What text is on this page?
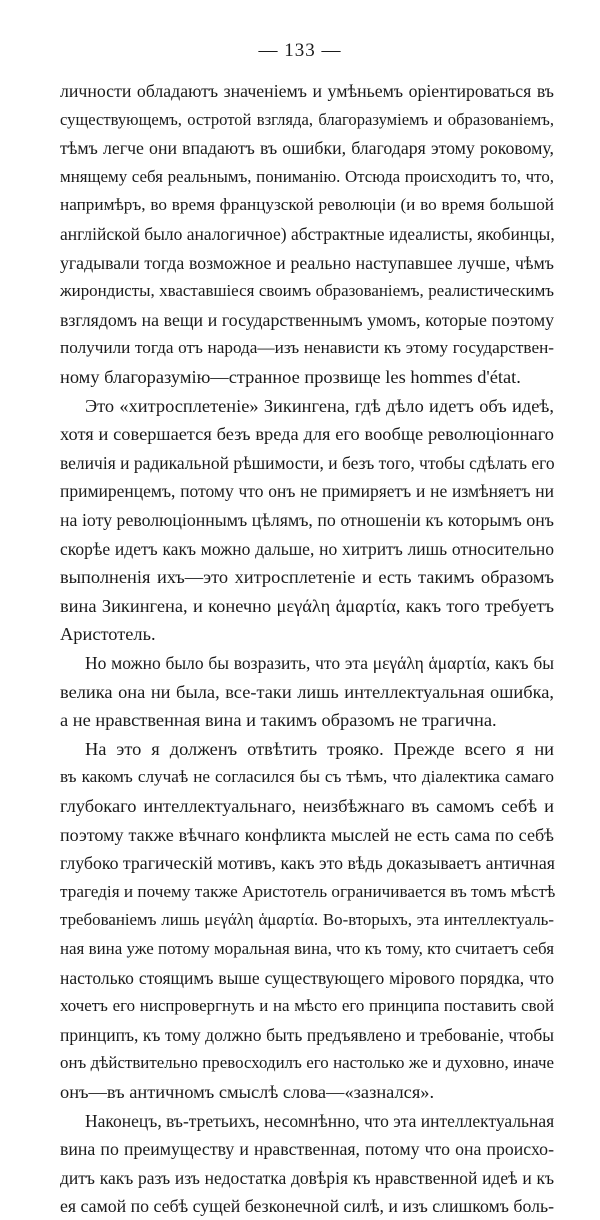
— 133 —
личности обладаютъ значеніемъ и умѣньемъ оріентироваться въ
существующемъ, остротой взгляда, благоразуміемъ и образованіемъ,
тѣмъ легче они впадаютъ въ ошибки, благодаря этому роковому,
мнящему себя реальнымъ, пониманію. Отсюда происходитъ то, что,
напримѣръ, во время французской революціи (и во время большой
англійской было аналогичное) абстрактные идеалисты, якобинцы,
угадывали тогда возможное и реально наступавшее лучше, чѣмъ
жирондисты, хваставшіеся своимъ образованіемъ, реалистическимъ
взглядомъ на вещи и государственнымъ умомъ, которые поэтому
получили тогда отъ народа—изъ ненависти къ этому государствен-
ному благоразумію—странное прозвище les hommes d'état.
Это «хитросплетеніе» Зикингена, гдѣ дѣло идетъ объ идеѣ,
хотя и совершается безъ вреда для его вообще революціоннаго
величія и радикальной рѣшимости, и безъ того, чтобы сдѣлать его
примиренцемъ, потому что онъ не примиряетъ и не измѣняетъ ни
на іоту революціоннымъ цѣлямъ, по отношеніи къ которымъ онъ
скорѣе идетъ какъ можно дальше, но хитритъ лишь относительно
выполненія ихъ—это хитросплетеніе и есть такимъ образомъ
вина Зикингена, и конечно μεγάλη ἁμαρτία, какъ того требуетъ
Аристотель.
Но можно было бы возразить, что эта μεγάλη ἁμαρτία, какъ бы
велика она ни была, все-таки лишь интеллектуальная ошибка,
а не нравственная вина и такимъ образомъ не трагична.
На это я долженъ отвѣтить трояко. Прежде всего я ни
въ какомъ случаѣ не согласился бы съ тѣмъ, что діалектика самаго
глубокаго интеллектуальнаго, неизбѣжнаго въ самомъ себѣ и
поэтому также вѣчнаго конфликта мыслей не есть сама по себѣ
глубоко трагическій мотивъ, какъ это вѣдь доказываетъ античная
трагедія и почему также Аристотель ограничивается въ томъ мѣстѣ
требованіемъ лишь μεγάλη ἁμαρτία. Во-вторыхъ, эта интеллектуаль-
ная вина уже потому моральная вина, что къ тому, кто считаетъ себя
настолько стоящимъ выше существующего мірового порядка, что
хочетъ его ниспровергнуть и на мѣсто его принципа поставить свой
принципъ, къ тому должно быть предъявлено и требованіе, чтобы
онъ дѣйствительно превосходилъ его настолько же и духовно, иначе
онъ—въ античномъ смыслѣ слова—«зазнался».
Наконецъ, въ-третьихъ, несомнѣнно, что эта интеллектуальная
вина по преимуществу и нравственная, потому что она происхо-
дитъ какъ разъ изъ недостатка довѣрія къ нравственной идеѣ и къ
ея самой по себѣ сущей безконечной силѣ, и изъ слишкомъ боль-
